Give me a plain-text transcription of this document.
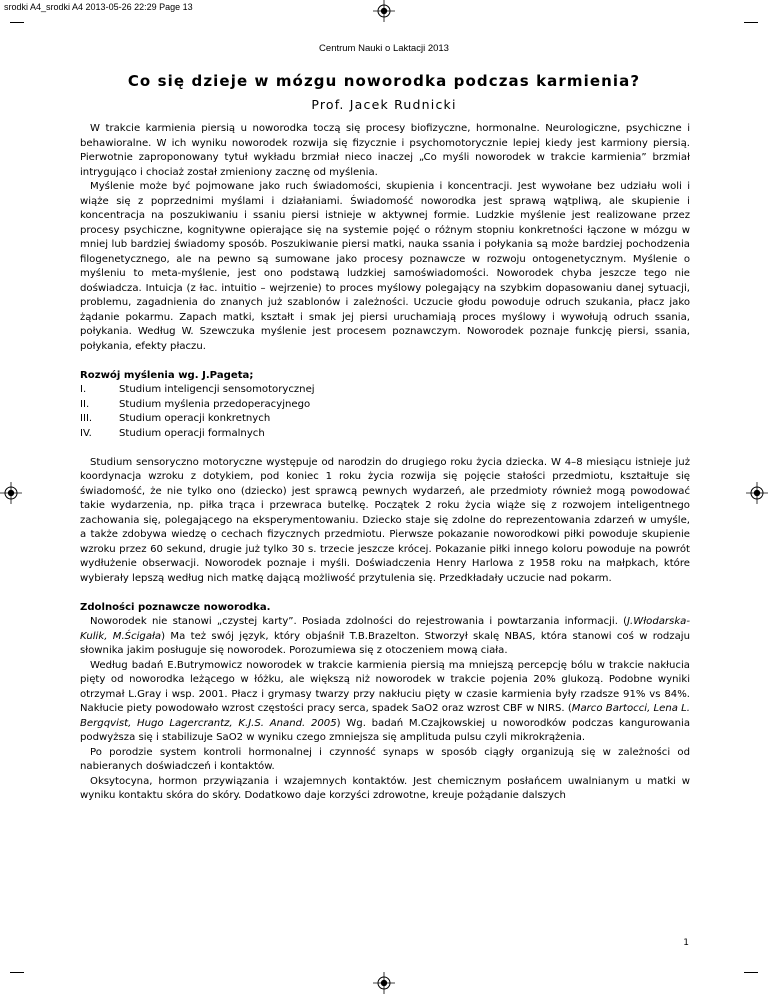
srodki A4_srodki A4 2013-05-26 22:29 Page 13
Centrum Nauki o Laktacji 2013
Co się dzieje w mózgu noworodka podczas karmienia?
Prof. Jacek Rudnicki

W trakcie karmienia piersią u noworodka toczą się procesy biofizyczne, hormonalne. Neurologiczne, psychiczne i behawioralne. W ich wyniku noworodek rozwija się fizycznie i psychomotorycznie lepiej kiedy jest karmiony piersią. Pierwotnie zaproponowany tytuł wykładu brzmiał nieco inaczej „Co myśli noworodek w trakcie karmienia” brzmiał intrygująco i chociaż został zmieniony zacznę od myślenia.

Myślenie może być pojmowane jako ruch świadomości, skupienia i koncentracji. Jest wywołane bez udziału woli i wiąże się z poprzednimi myślami i działaniami. Świadomość noworodka jest sprawą wątpliwą, ale skupienie i koncentracja na poszukiwaniu i ssaniu piersi istnieje w aktywnej formie. Ludzkie myślenie jest realizowane przez procesy psychiczne, kognitywne opierające się na systemie pojęć o różnym stopniu konkretności łączone w mózgu w mniej lub bardziej świadomy sposób. Poszukiwanie piersi matki, nauka ssania i połykania są może bardziej pochodzenia filogenetycznego, ale na pewno są sumowane jako procesy poznawcze w rozwoju ontogenetycznym. Myślenie o myśleniu to meta-myślenie, jest ono podstawą ludzkiej samoświadomości. Noworodek chyba jeszcze tego nie doświadcza. Intuicja (z łac. intuitio – wejrzenie) to proces myślowy polegający na szybkim dopasowaniu danej sytuacji, problemu, zagadnienia do znanych już szablonów i zależności. Uczucie głodu powoduje odruch szukania, płacz jako żądanie pokarmu. Zapach matki, kształt i smak jej piersi uruchamiają proces myślowy i wywołują odruch ssania, połykania. Według W. Szewczuka myślenie jest procesem poznawczym. Noworodek poznaje funkcję piersi, ssania, połykania, efekty płaczu.

Rozwój myślenia wg. J.Pageta;
I.	Studium inteligencji sensomotorycznej
II.	Studium myślenia przedoperacyjnego
III.	Studium operacji konkretnych
IV.	Studium operacji formalnych

Studium sensoryczno motoryczne występuje od narodzin do drugiego roku życia dziecka. W 4–8 miesiącu istnieje już koordynacja wzroku z dotykiem, pod koniec 1 roku życia rozwija się pojęcie stałości przedmiotu, kształtuje się świadomość, że nie tylko ono (dziecko) jest sprawcą pewnych wydarzeń, ale przedmioty również mogą powodować takie wydarzenia, np. piłka trąca i przewraca butelkę. Początek 2 roku życia wiąże się z rozwojem inteligentnego zachowania się, polegającego na eksperymentowaniu. Dziecko staje się zdolne do reprezentowania zdarzeń w umyśle, a także zdobywa wiedzę o cechach fizycznych przedmiotu. Pierwsze pokazanie noworodkowi piłki powoduje skupienie wzroku przez 60 sekund, drugie już tylko 30 s. trzecie jeszcze krócej. Pokazanie piłki innego koloru powoduje na powrót wydłużenie obserwacji. Noworodek poznaje i myśli. Doświadczenia Henry Harlowa z 1958 roku na małpkach, które wybierały lepszą według nich matkę dającą możliwość przytulenia się. Przedkładały uczucie nad pokarm.

Zdolności poznawcze noworodka.

Noworodek nie stanowi „czystej karty”. Posiada zdolności do rejestrowania i powtarzania informacji. (J.Włodarska-Kulik, M.Ścigała) Ma też swój język, który objaśnił T.B.Brazelton. Stworzył skalę NBAS, która stanowi coś w rodzaju słownika jakim posługuje się noworodek. Porozumiewa się z otoczeniem mową ciała.

Według badań E.Butrymowicz noworodek w trakcie karmienia piersią ma mniejszą percepcję bólu w trakcie nakłucia pięty od noworodka leżącego w łóżku, ale większą niż noworodek w trakcie pojenia 20% glukozą. Podobne wyniki otrzymał L.Gray i wsp. 2001. Płacz i grymasy twarzy przy nakłuciu pięty w czasie karmienia były rzadsze 91% vs 84%. Nakłucie piety powodowało wzrost częstości pracy serca, spadek SaO2 oraz wzrost CBF w NIRS. (Marco Bartocci, Lena L. Bergqvist, Hugo Lagercrantz, K.J.S. Anand. 2005) Wg. badań M.Czajkowskiej u noworodków podczas kangurowania podwyższa się i stabilizuje SaO2 w wyniku czego zmniejsza się amplituda pulsu czyli mikrokrążenia.

Po porodzie system kontroli hormonalnej i czynność synaps w sposób ciągły organizują się w zależności od nabieranych doświadczeń i kontaktów.

Oksytocyna, hormon przywiązania i wzajemnych kontaktów. Jest chemicznym posłańcem uwalnianym u matki w wyniku kontaktu skóra do skóry. Dodatkowo daje korzyści zdrowotne, kreuje pożądanie dalszych

1
